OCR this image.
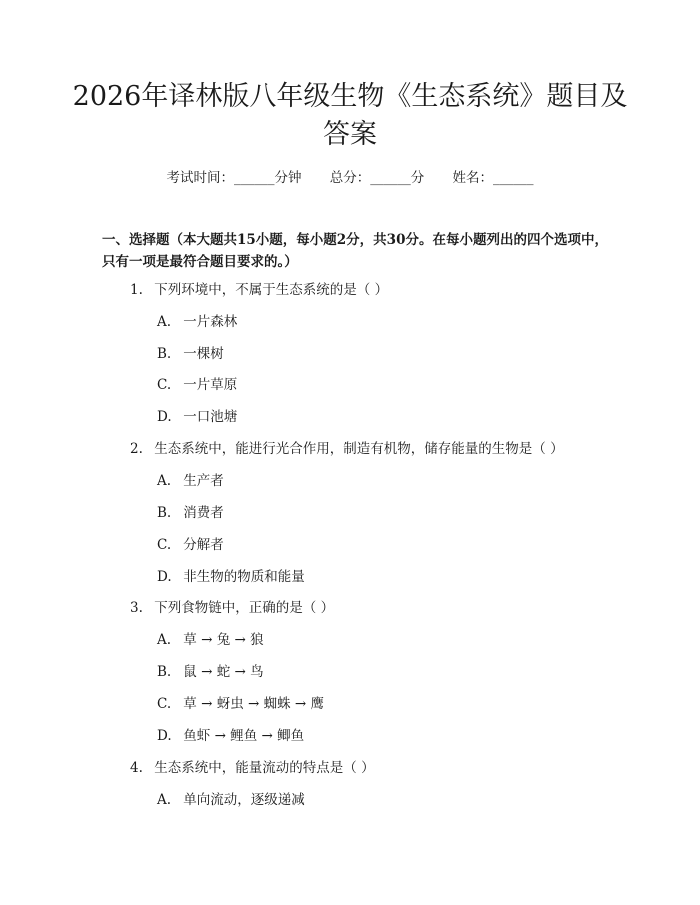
2026年译林版八年级生物《生态系统》题目及答案
考试时间：______分钟 总分：______分 姓名：______
一、选择题（本大题共15小题，每小题2分，共30分。在每小题列出的四个选项中，只有一项是最符合题目要求的。）
1. 下列环境中，不属于生态系统的是（ ）
A. 一片森林
B. 一棵树
C. 一片草原
D. 一口池塘
2. 生态系统中，能进行光合作用，制造有机物，储存能量的生物是（ ）
A. 生产者
B. 消费者
C. 分解者
D. 非生物的物质和能量
3. 下列食物链中，正确的是（ ）
A. 草 → 兔 → 狼
B. 鼠 → 蛇 → 鸟
C. 草 → 蚜虫 → 蜘蛛 → 鹰
D. 鱼虾 → 鲤鱼 → 鲫鱼
4. 生态系统中，能量流动的特点是（ ）
A. 单向流动，逐级递减
